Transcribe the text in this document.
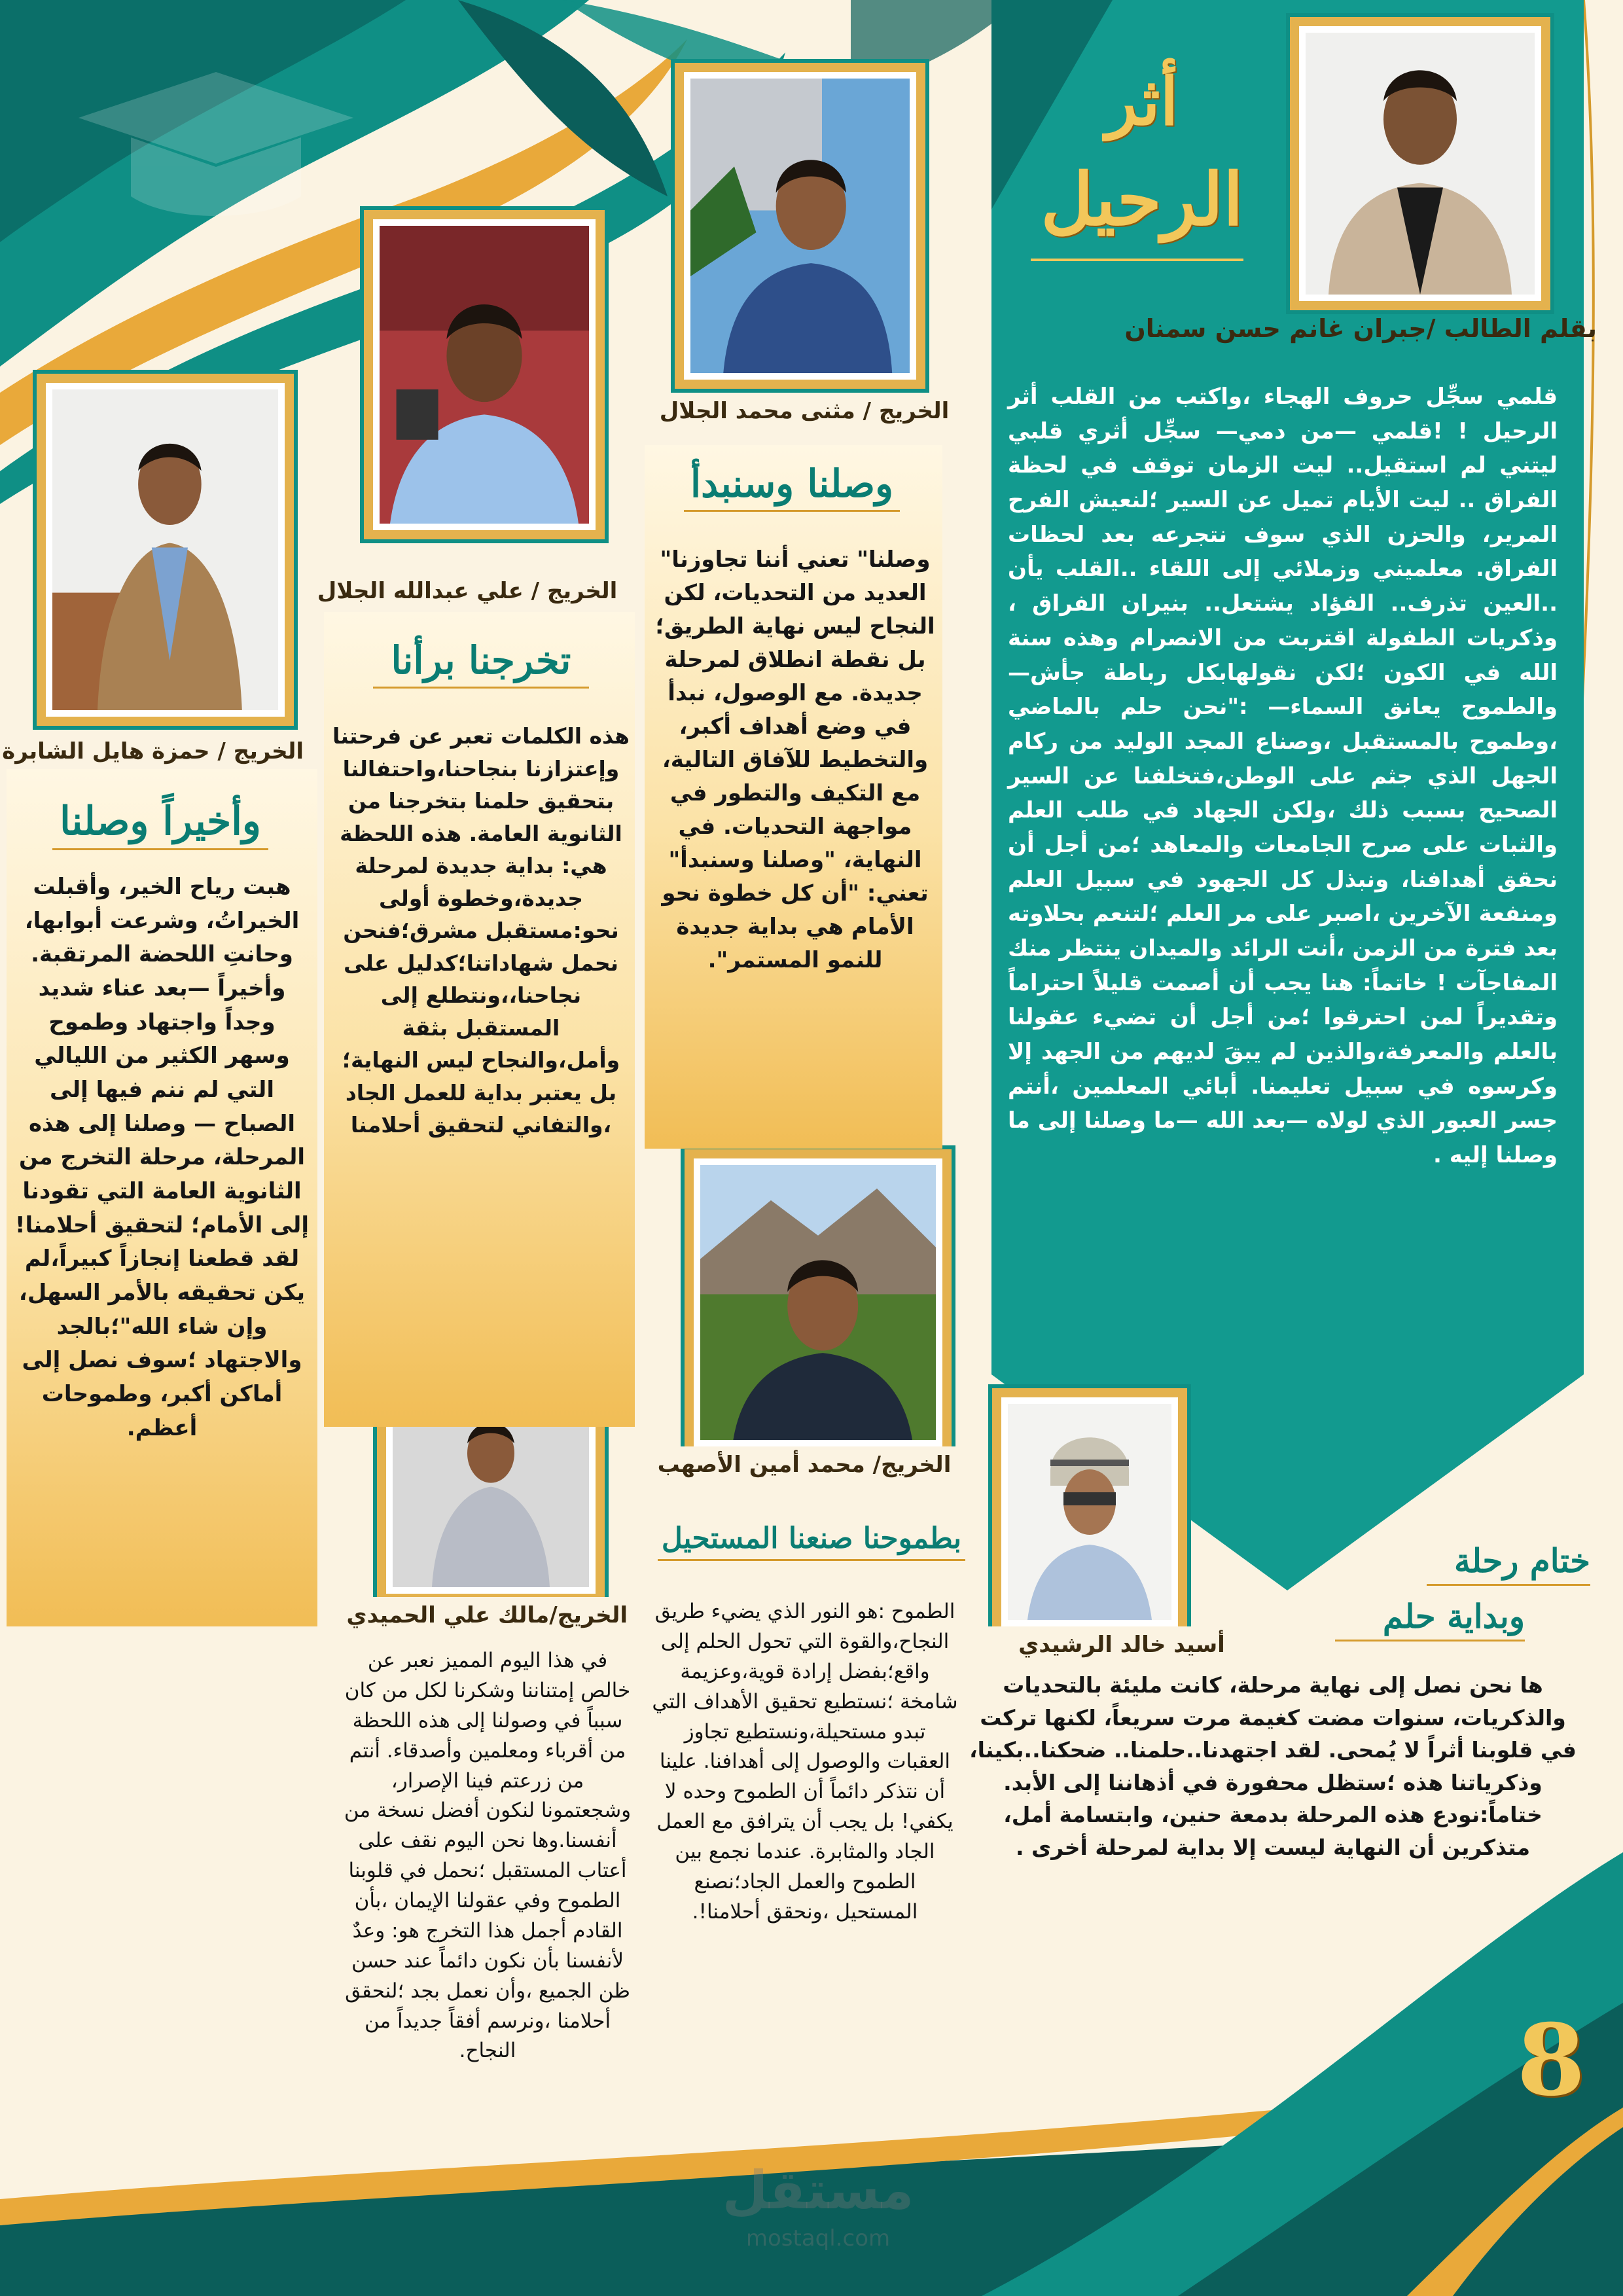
أثر
الرحيل
بقلم الطالب /جبران غانم حسن سمنان
قلمي سجِّل حروف الهجاء ،واكتب من القلب أثر الرحيل ! !قلمي —من دمي— سجِّل أثري قلبي ليتني لم استقيل.. ليت الزمان توقف في لحظة الفراق .. ليت الأيام تميل عن السير ؛لنعيش الفرح المرير، والحزن الذي سوف نتجرعه بعد لحظات الفراق. معلميني وزملائي إلى اللقاء ..القلب يأن ..العين تذرف.. الفؤاد يشتعل.. بنيران الفراق ، وذكريات الطفولة اقتربت من الانصرام وهذه سنة الله في الكون ؛لكن نقولهابكل رباطة جأش— والطموح يعانق السماء— :"نحن حلم بالماضي ،وطموح بالمستقبل ،وصناع المجد الوليد من ركام الجهل الذي جثم على الوطن،فتخلفنا عن السير الصحيح بسبب ذلك ،ولكن الجهاد في طلب العلم والثبات على صرح الجامعات والمعاهد ؛من أجل أن نحقق أهدافنا، ونبذل كل الجهود في سبيل العلم ومنفعة الآخرين ،اصبر على مر العلم ؛لتنعم بحلاوته بعد فترة من الزمن ،أنت الرائد والميدان ينتظر منك المفاجآت ! خاتماً: هنا يجب أن أصمت قليلاً احتراماً وتقديراً لمن احترقوا ؛من أجل أن تضيء عقولنا بالعلم والمعرفة،والذين لم يبقَ لديهم من الجهد إلا وكرسوه في سبيل تعليمنا. أبائي المعلمين ،أنتم جسر العبور الذي لولاه —بعد الله —ما وصلنا إلى ما وصلنا إليه .
الخريج / مثنى محمد الجلال
الخريج / علي عبدالله الجلال
الخريج / حمزة هايل الشابرة
الخريج/ محمد أمين الأصهب
الخريج/مالك علي الحميدي
أسيد خالد الرشيدي
وصلنا وسنبدأ
وصلنا" تعني أننا تجاوزنا" العديد من التحديات، لكن النجاح ليس نهاية الطريق؛ بل نقطة انطلاق لمرحلة جديدة. مع الوصول، نبدأ في وضع أهداف أكبر، والتخطيط للآفاق التالية، مع التكيف والتطور في مواجهة التحديات. في النهاية، "وصلنا وسنبدأ" تعني: "أن كل خطوة نحو الأمام هي بداية جديدة للنمو المستمر".
تخرجنا برأنا
هذه الكلمات تعبر عن فرحتنا وإعتزازنا بنجاحنا،واحتفالنا بتحقيق حلمنا بتخرجنا من الثانوية العامة. هذه اللحظة هي: بداية جديدة لمرحلة جديدة،وخطوة أولى نحو:مستقبل مشرق؛فنحن نحمل شهاداتنا؛كدليل على نجاحنا،،ونتطلع إلى المستقبل بثقة وأمل،والنجاح ليس النهاية؛بل يعتبر بداية للعمل الجاد ،والتفاني لتحقيق أحلامنا
وأخيراً وصلنا
هبت رياح الخير، وأقبلت الخيراتُ، وشرعت أبوابها، وحانتِ اللحضة المرتقبة. وأخيراً —بعد عناء شديد وجداً واجتهاد وطموح وسهر الكثير من الليالي التي لم ننم فيها إلى الصباح — وصلنا إلى هذه المرحلة، مرحلة التخرج من الثانوية العامة التي تقودنا إلى الأمام؛ لتحقيق أحلامنا! لقد قطعنا إنجازاً كبيراً،لم يكن تحقيقه بالأمر السهل، وإن شاء الله"؛بالجد والاجتهاد ؛سوف نصل إلى أماكن أكبر، وطموحات أعظم.
في هذا اليوم المميز نعبر عن خالص إمتناننا وشكرنا لكل من كان سبباً في وصولنا إلى هذه اللحظة من أقرباء ومعلمين وأصدقاء. أنتم من زرعتم فينا الإصرار، وشجعتمونا لنكون أفضل نسخة من أنفسنا.وها نحن اليوم نقف على أعتاب المستقبل ؛نحمل في قلوبنا الطموح وفي عقولنا الإيمان ،بأن القادم أجمل هذا التخرج هو: وعدٌ لأنفسنا بأن نكون دائماً عند حسن ظن الجميع ،وأن نعمل بجد ؛لنحقق أحلامنا ،ونرسم أفقاً جديداً من النجاح.
بطموحنا صنعنا المستحيل
الطموح :هو النور الذي يضيء طريق النجاح،والقوة التي تحول الحلم إلى واقع؛بفضل إرادة قوية،وعزيمة شامخة ؛نستطيع تحقيق الأهداف التي تبدو مستحيلة،ونستطيع تجاوز العقبات والوصول إلى أهدافنا. علينا أن نتذكر دائماً أن الطموح وحده لا يكفي! بل يجب أن يترافق مع العمل الجاد والمثابرة. عندما نجمع بين الطموح والعمل الجاد؛نصنع المستحيل ،ونحقق أحلامنا!.
ختام رحلة
وبداية حلم
ها نحن نصل إلى نهاية مرحلة، كانت مليئة بالتحديات والذكريات، سنوات مضت كغيمة مرت سريعاً، لكنها تركت في قلوبنا أثراً لا يُمحى. لقد اجتهدنا..حلمنا.. ضحكنا..بكينا، وذكرياتنا هذه ؛ستظل محفورة في أذهاننا إلى الأبد. ختاماً:نودع هذه المرحلة بدمعة حنين، وابتسامة أمل، متذكرين أن النهاية ليست إلا بداية لمرحلة أخرى .
8
مستقل
mostaql.com
